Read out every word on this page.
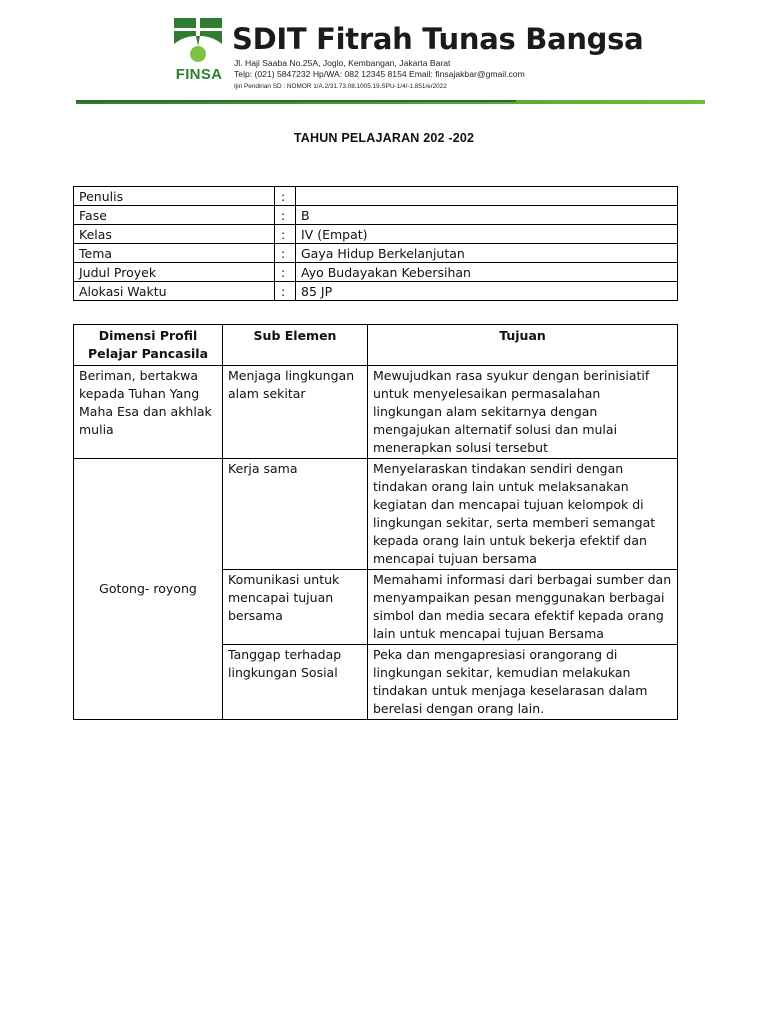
FINSA
SDIT Fitrah Tunas Bangsa
Jl. Haji Saaba No.25A, Joglo, Kembangan, Jakarta Barat
Telp: (021) 5847232 Hp/WA: 082 12345 8154 Email: finsajakbar@gmail.com
Ijin Pendirian SD : NOMOR 1/A.2/31.73.08.1005.19.SPU-1/4/-1.851/e/2022
TAHUN PELAJARAN 202 -202
Penulis	:	
Fase	:	B
Kelas	:	IV (Empat)
Tema	:	Gaya Hidup Berkelanjutan
Judul Proyek	:	Ayo Budayakan Kebersihan
Alokasi Waktu	:	85 JP
Dimensi Profil Pelajar Pancasila	Sub Elemen	Tujuan
Beriman, bertakwa kepada Tuhan Yang Maha Esa dan akhlak mulia	Menjaga lingkungan alam sekitar	Mewujudkan rasa syukur dengan berinisiatif untuk menyelesaikan permasalahan lingkungan alam sekitarnya dengan mengajukan alternatif solusi dan mulai menerapkan solusi tersebut
Gotong- royong	Kerja sama	Menyelaraskan tindakan sendiri dengan tindakan orang lain untuk melaksanakan kegiatan dan mencapai tujuan kelompok di lingkungan sekitar, serta memberi semangat kepada orang lain untuk bekerja efektif dan mencapai tujuan bersama
	Komunikasi untuk mencapai tujuan bersama	Memahami informasi dari berbagai sumber dan menyampaikan pesan menggunakan berbagai simbol dan media secara efektif kepada orang lain untuk mencapai tujuan Bersama
	Tanggap terhadap lingkungan Sosial	Peka dan mengapresiasi orangorang di lingkungan sekitar, kemudian melakukan tindakan untuk menjaga keselarasan dalam berelasi dengan orang lain.
